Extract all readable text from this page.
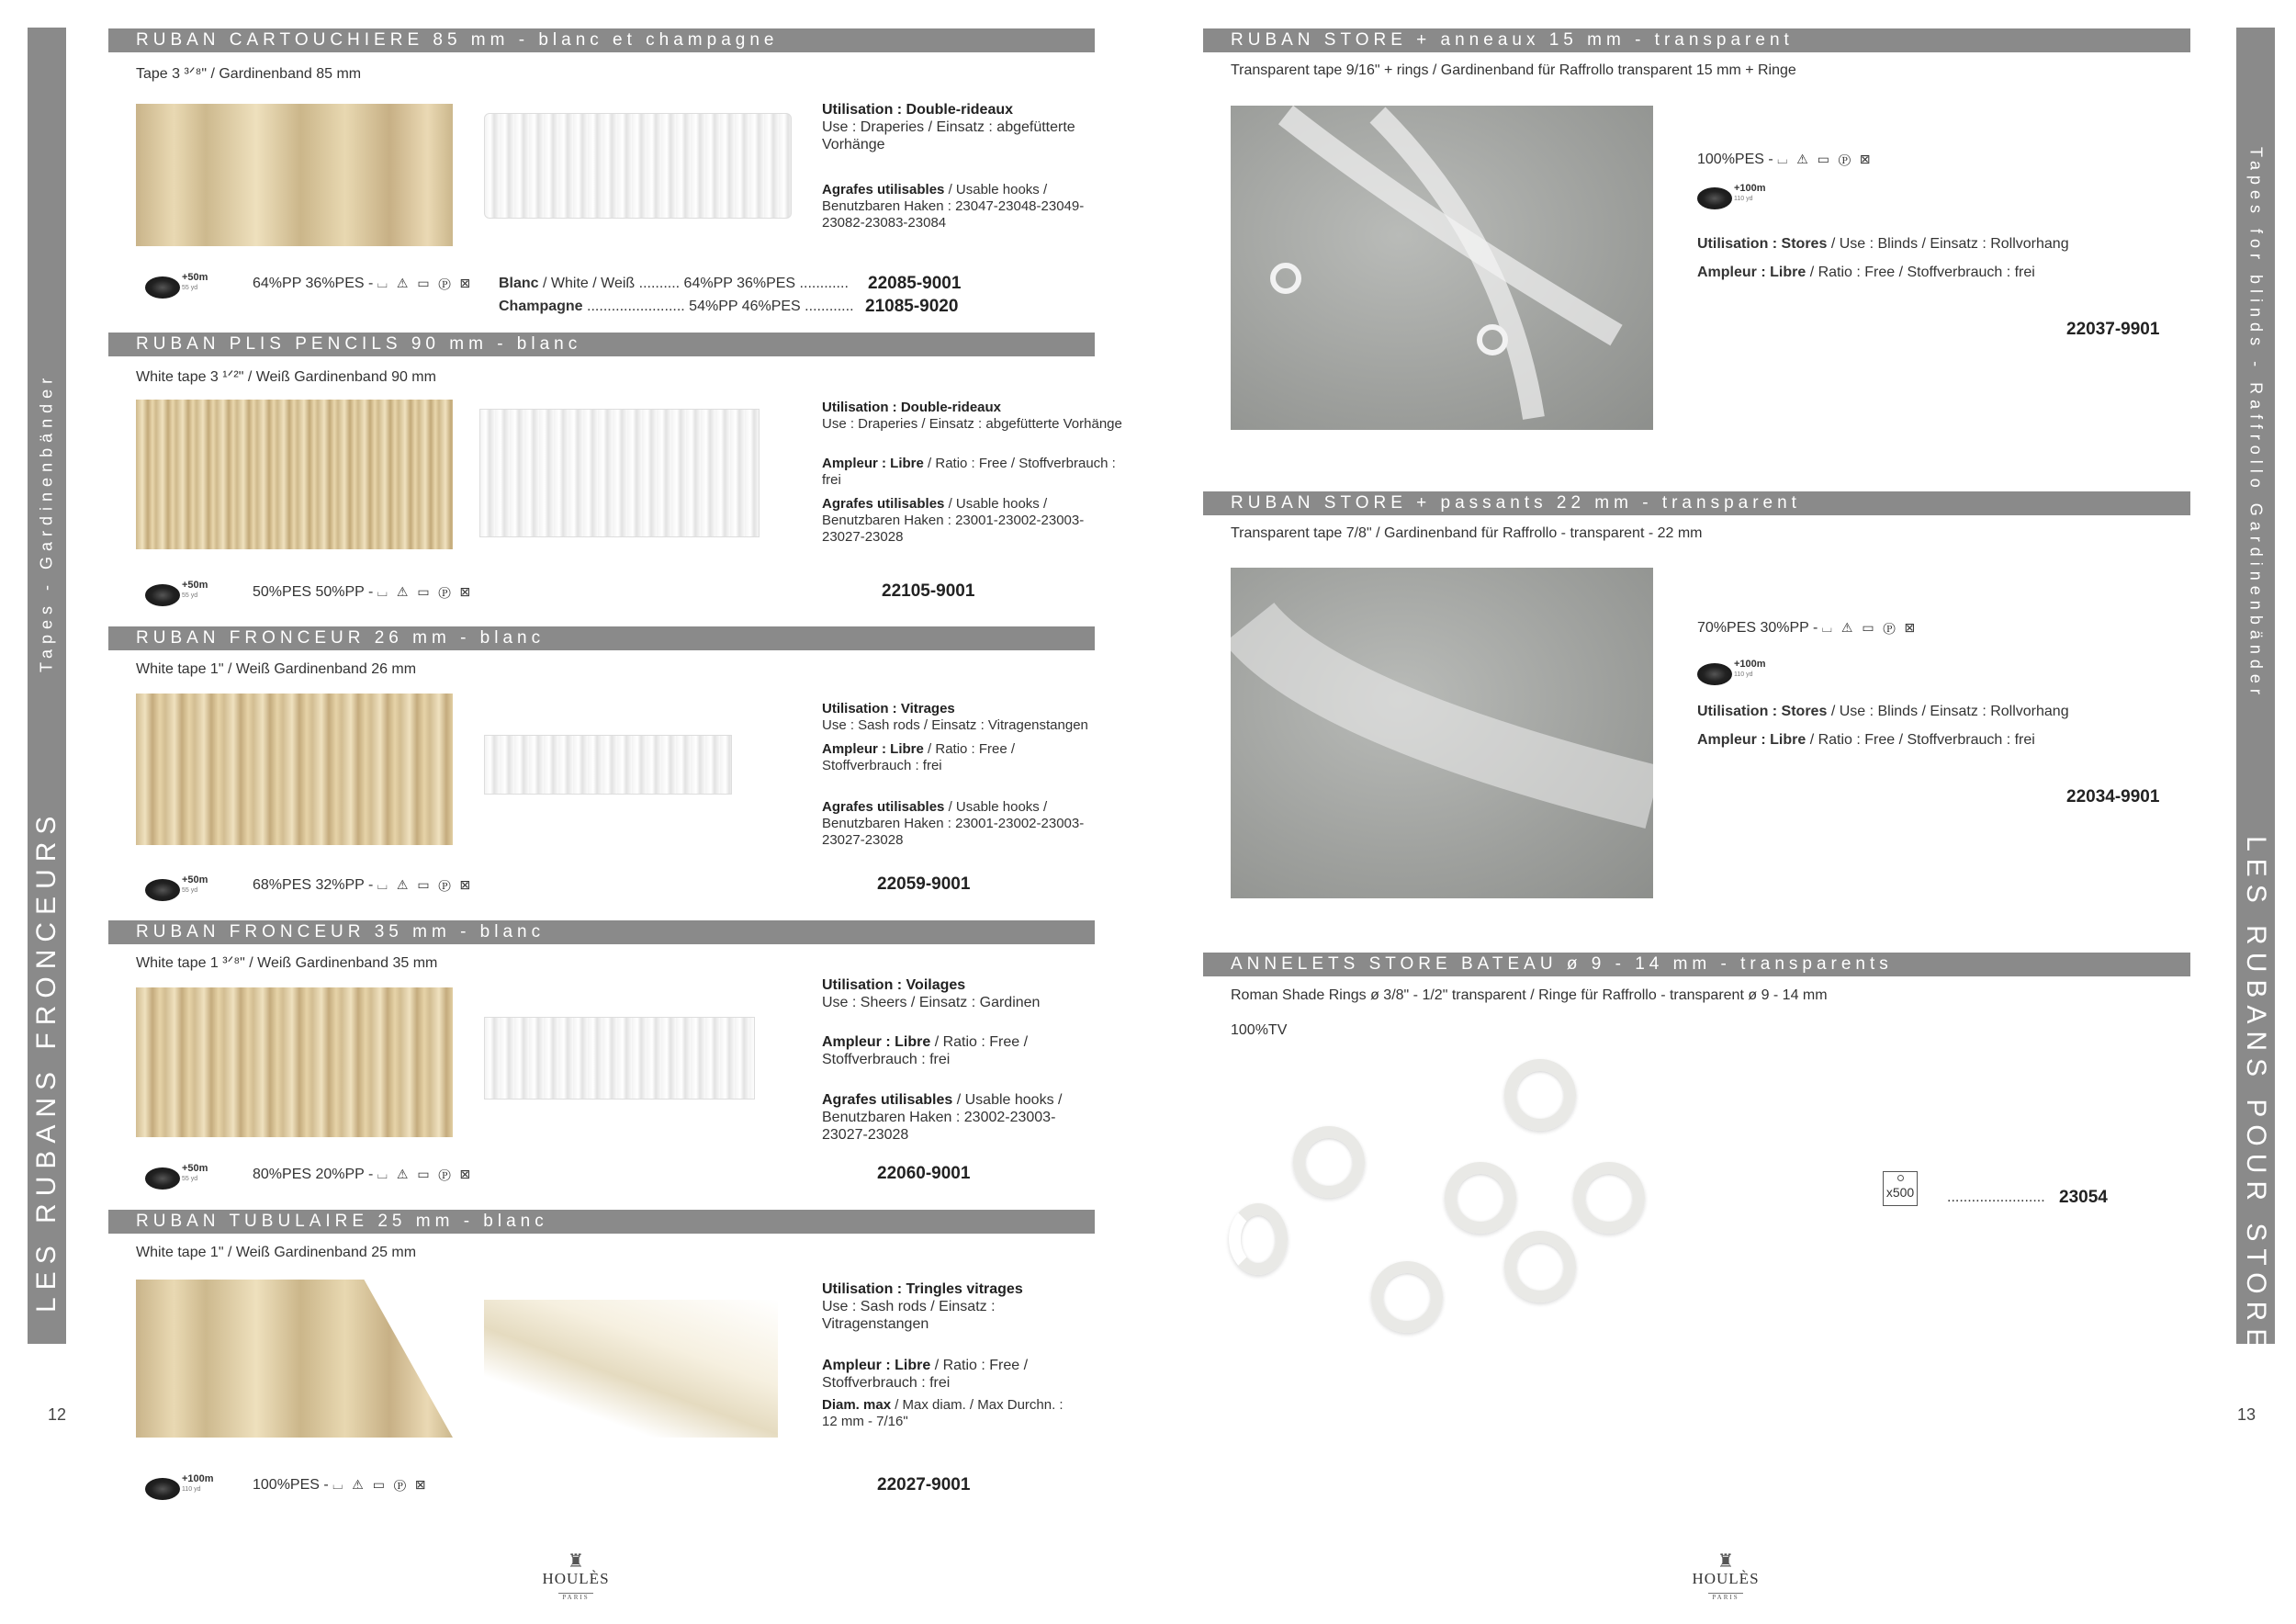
LES RUBANS FRONCEURS
Tapes - Gardinenbänder
LES RUBANS POUR STORES
Tapes for blinds - Raffrollo Gardinenbänder
12	13
RUBAN CARTOUCHIERE 85 mm - blanc et champagne
Tape 3 ³ᐟ⁸ʺ / Gardinenband 85 mm
Utilisation : Double-rideaux
Use : Draperies / Einsatz : abgefütterte Vorhänge
Agrafes utilisables / Usable hooks / Benutzbaren Haken : 23047-23048-23049-23082-23083-23084
+50m
55 yd	64%PP 36%PES - ⌴ ⚠ ▭ Ⓟ ⊠ Blanc / White / Weiß .......... 64%PP 36%PES ............ 22085-9001
Champagne ........................ 54%PP 46%PES ............ 21085-9020
RUBAN PLIS PENCILS 90 mm - blanc
White tape 3 ¹ᐟ²ʺ / Weiß Gardinenband 90 mm
Utilisation : Double-rideaux
Use : Draperies / Einsatz : abgefütterte Vorhänge
Ampleur : Libre / Ratio : Free / Stoffverbrauch : frei
Agrafes utilisables / Usable hooks / Benutzbaren Haken : 23001-23002-23003-23027-23028
+50m
55 yd	50%PES 50%PP - ⌴ ⚠ ▭ Ⓟ ⊠	22105-9001
RUBAN FRONCEUR 26 mm - blanc
White tape 1ʺ / Weiß Gardinenband 26 mm
Utilisation : Vitrages
Use : Sash rods / Einsatz : Vitragenstangen
Ampleur : Libre / Ratio : Free / Stoffverbrauch : frei
Agrafes utilisables / Usable hooks / Benutzbaren Haken : 23001-23002-23003-23027-23028
+50m
55 yd	68%PES 32%PP - ⌴ ⚠ ▭ Ⓟ ⊠	22059-9001
RUBAN FRONCEUR 35 mm - blanc
White tape 1 ³ᐟ⁸ʺ / Weiß Gardinenband 35 mm
Utilisation : Voilages
Use : Sheers / Einsatz : Gardinen
Ampleur : Libre / Ratio : Free / Stoffverbrauch : frei
Agrafes utilisables / Usable hooks / Benutzbaren Haken : 23002-23003-23027-23028
+50m
55 yd	80%PES 20%PP - ⌴ ⚠ ▭ Ⓟ ⊠	22060-9001
RUBAN TUBULAIRE 25 mm - blanc
White tape 1ʺ / Weiß Gardinenband 25 mm
Utilisation : Tringles vitrages
Use : Sash rods / Einsatz : Vitragenstangen
Ampleur : Libre / Ratio : Free / Stoffverbrauch : frei
Diam. max / Max diam. / Max Durchn. : 12 mm - 7/16ʺ
+100m
110 yd	100%PES - ⌴ ⚠ ▭ Ⓟ ⊠	22027-9001
RUBAN STORE + anneaux 15 mm - transparent
Transparent tape 9/16ʺ + rings / Gardinenband für Raffrollo transparent 15 mm + Ringe
100%PES - ⌴ ⚠ ▭ Ⓟ ⊠
+100m
110 yd
Utilisation : Stores / Use : Blinds / Einsatz : Rollvorhang
Ampleur : Libre / Ratio : Free / Stoffverbrauch : frei
22037-9901
RUBAN STORE + passants 22 mm - transparent
Transparent tape 7/8ʺ / Gardinenband für Raffrollo - transparent - 22 mm
70%PES 30%PP - ⌴ ⚠ ▭ Ⓟ ⊠
+100m
110 yd
Utilisation : Stores / Use : Blinds / Einsatz : Rollvorhang
Ampleur : Libre / Ratio : Free / Stoffverbrauch : frei
22034-9901
ANNELETS STORE BATEAU ø 9 - 14 mm - transparents
Roman Shade Rings ø 3/8ʺ - 1/2ʺ transparent / Ringe für Raffrollo - transparent ø 9 - 14 mm
100%TV
x500 ........................ 23054
♜
HOULÈS
PARIS
♜
HOULÈS
PARIS
